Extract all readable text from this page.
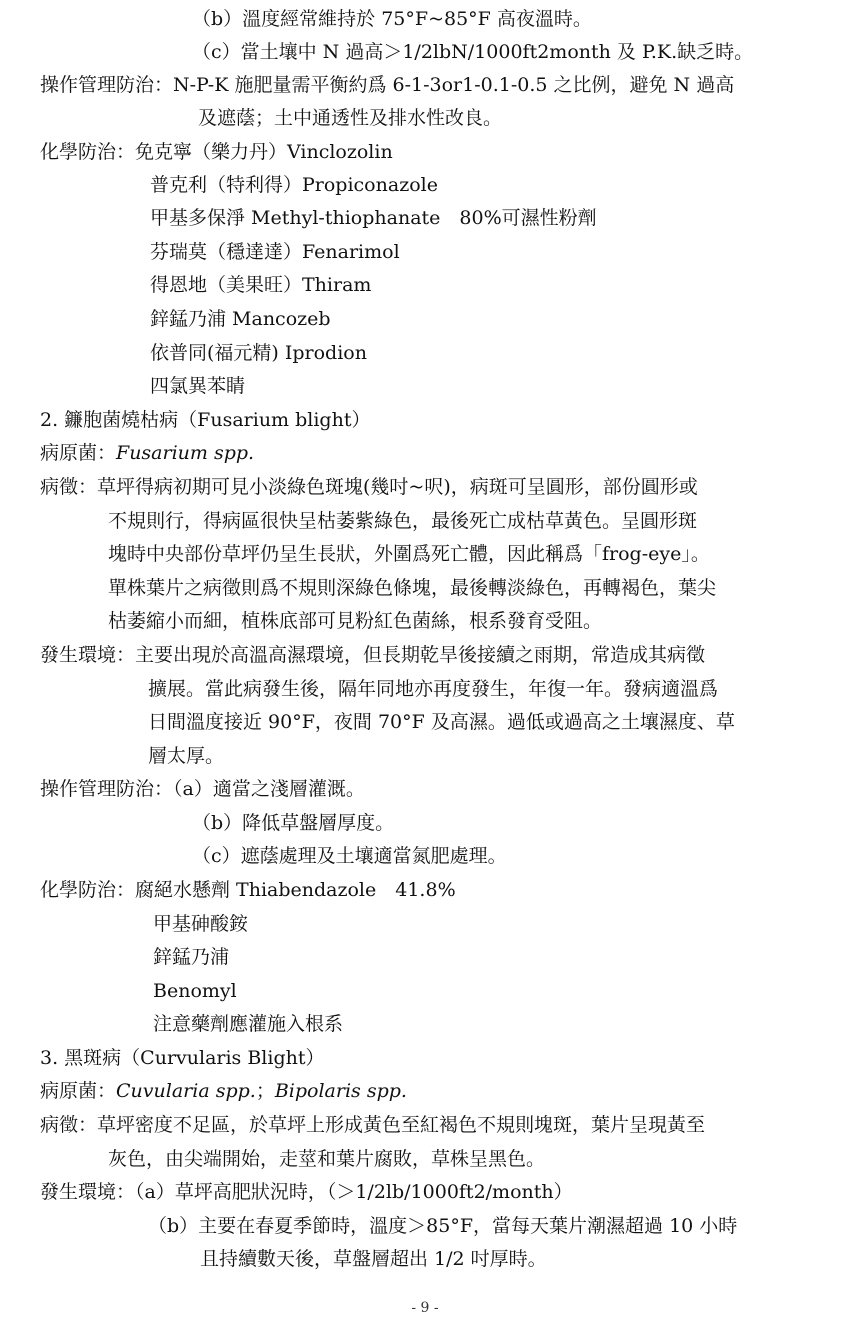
（b）溫度經常維持於 75°F~85°F 高夜溫時。
（c）當土壤中 N 過高＞1/2lbN/1000ft2month 及 P.K.缺乏時。
操作管理防治：N-P-K 施肥量需平衡約爲 6-1-3or1-0.1-0.5 之比例，避免 N 過高
及遮蔭；土中通透性及排水性改良。
化學防治：免克寧（樂力丹）Vinclozolin
普克利（特利得）Propiconazole
甲基多保淨 Methyl-thiophanate　80%可濕性粉劑
芬瑞莫（穩達達）Fenarimol
得恩地（美果旺）Thiram
鋅錳乃浦 Mancozeb
依普同(福元精) Iprodion
四氯異苯睛
2. 鐮胞菌燒枯病（Fusarium blight）
病原菌：Fusarium spp.
病徵：草坪得病初期可見小淡綠色斑塊(幾吋~呎)，病斑可呈圓形，部份圓形或
不規則行，得病區很快呈枯萎紫綠色，最後死亡成枯草黃色。呈圓形斑
塊時中央部份草坪仍呈生長狀，外圍爲死亡體，因此稱爲「frog-eye」。
單株葉片之病徵則爲不規則深綠色條塊，最後轉淡綠色，再轉褐色，葉尖
枯萎縮小而細，植株底部可見粉紅色菌絲，根系發育受阻。
發生環境：主要出現於高溫高濕環境，但長期乾旱後接續之雨期，常造成其病徵
擴展。當此病發生後，隔年同地亦再度發生，年復一年。發病適溫爲
日間溫度接近 90°F，夜間 70°F 及高濕。過低或過高之土壤濕度、草
層太厚。
操作管理防治：（a）適當之淺層灌溉。
（b）降低草盤層厚度。
（c）遮蔭處理及土壤適當氮肥處理。
化學防治：腐絕水懸劑 Thiabendazole　41.8%
甲基砷酸銨
鋅錳乃浦
Benomyl
注意藥劑應灌施入根系
3. 黑斑病（Curvularis Blight）
病原菌：Cuvularia spp.；Bipolaris spp.
病徵：草坪密度不足區，於草坪上形成黃色至紅褐色不規則塊斑，葉片呈現黃至
灰色，由尖端開始，走莖和葉片腐敗，草株呈黑色。
發生環境：（a）草坪高肥狀況時，（＞1/2lb/1000ft2/month）
（b）主要在春夏季節時，溫度＞85°F，當每天葉片潮濕超過 10 小時
且持續數天後，草盤層超出 1/2 吋厚時。
- 9 -
